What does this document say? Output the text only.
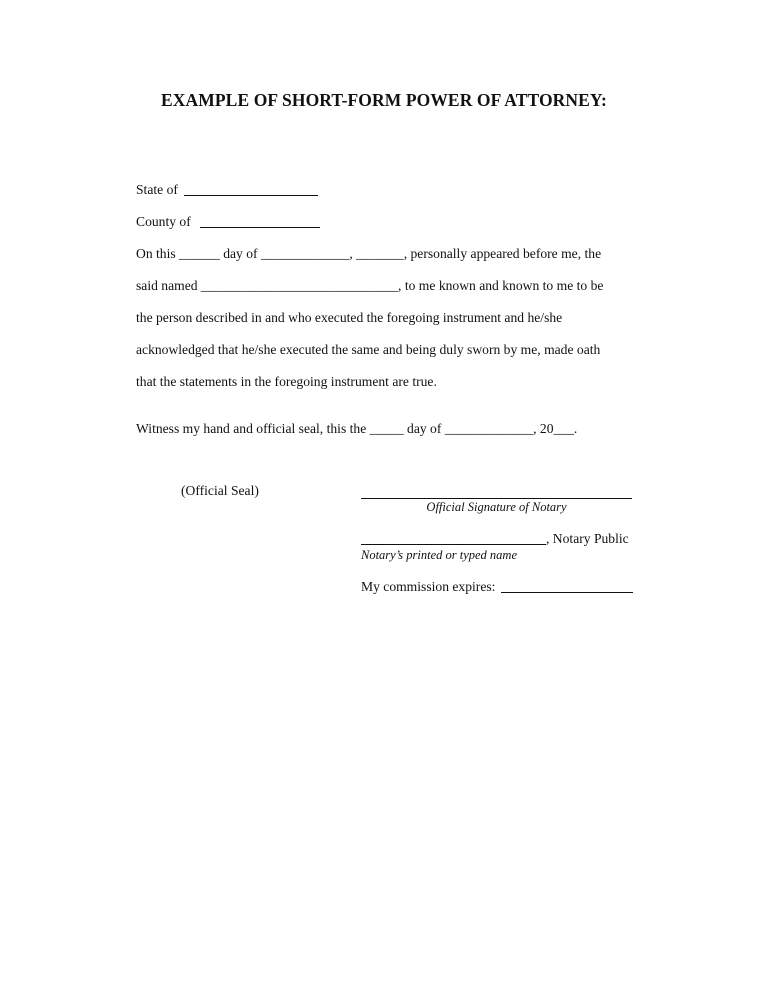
EXAMPLE OF SHORT-FORM POWER OF ATTORNEY:
State of
County of
On this ______ day of _____________, _______, personally appeared before me, the
said named _____________________________, to me known and known to me to be
the person described in and who executed the foregoing instrument and he/she
acknowledged that he/she executed the same and being duly sworn by me, made oath
that the statements in the foregoing instrument are true.
Witness my hand and official seal, this the _____ day of _____________, 20___.
(Official Seal)
Official Signature of Notary
, Notary Public
Notary’s printed or typed name
My commission expires:
